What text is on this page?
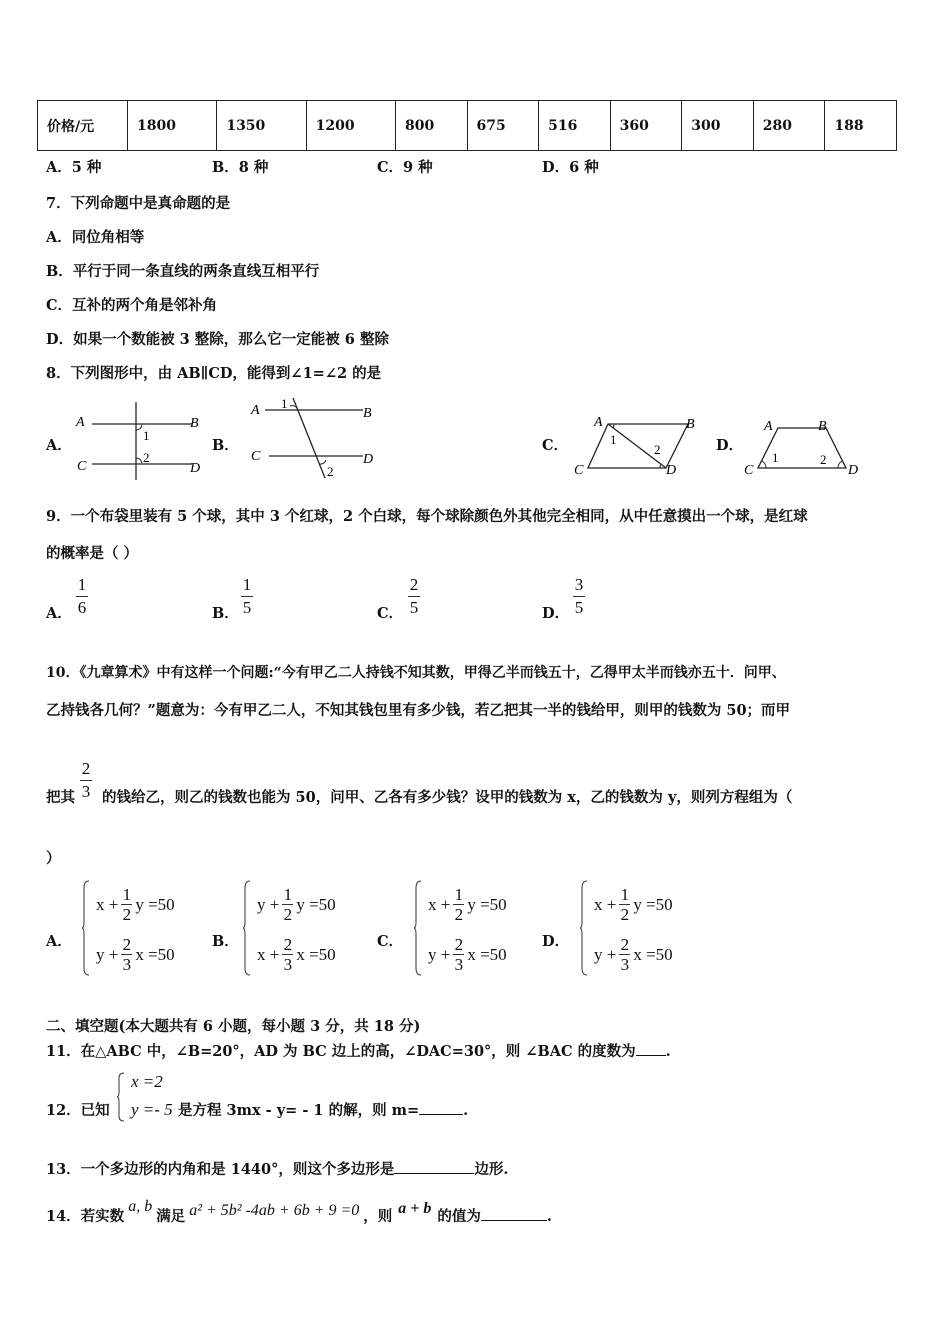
价格/元	1800	1350	1200	800	675	516	360	300	280	188
A．5 种	B．8 种	C．9 种	D．6 种
7．下列命题中是真命题的是
A．同位角相等
B．平行于同一条直线的两条直线互相平行
C．互补的两个角是邻补角
D．如果一个数能被 3 整除，那么它一定能被 6 整除
8．下列图形中，由 AB∥CD，能得到∠1=∠2 的是
A．
A	B
C	D
1
2
B．
A	B
C	D
1
2
C．
A	B
C	D
1
2	D．
A	B
C	D
1	2
9．一个布袋里装有 5 个球，其中 3 个红球，2 个白球，每个球除颜色外其他完全相同，从中任意摸出一个球，是红球
的概率是（ ）
A．
1
6	B．
1
5	C．
2
5	D．
3
5
10．《九章算术》中有这样一个问题:“今有甲乙二人持钱不知其数，甲得乙半而钱五十，乙得甲太半而钱亦五十．问甲、
乙持钱各几何？”题意为：今有甲乙二人，不知其钱包里有多少钱，若乙把其一半的钱给甲，则甲的钱数为 50；而甲
把其
2
3 的钱给乙，则乙的钱数也能为 50，问甲、乙各有多少钱？设甲的钱数为 x，乙的钱数为 y，则列方程组为（
）
A．
x + 1
2
y =50
y + 2
3
x =50
B．
y + 1
2
y =50
x + 2
3
x =50
C．
x + 1
2
y =50
y + 2
3
x =50
D．
x + 1
2
y =50
y + 2
3
x =50
二、填空题(本大题共有 6 小题，每小题 3 分，共 18 分)
11．在△ABC 中，∠B=20°，AD 为 BC 边上的高，∠DAC=30°，则 ∠BAC 的度数为 .
12．已知
x =2
y =- 5 是方程 3mx - y= - 1 的解，则 m=	.
13．一个多边形的内角和是 1440°，则这个多边形是	边形.
14．若实数
a, b
满足 a² + 5b² -4ab + 6b + 9 =0 ，则 a + b 的值为	.
